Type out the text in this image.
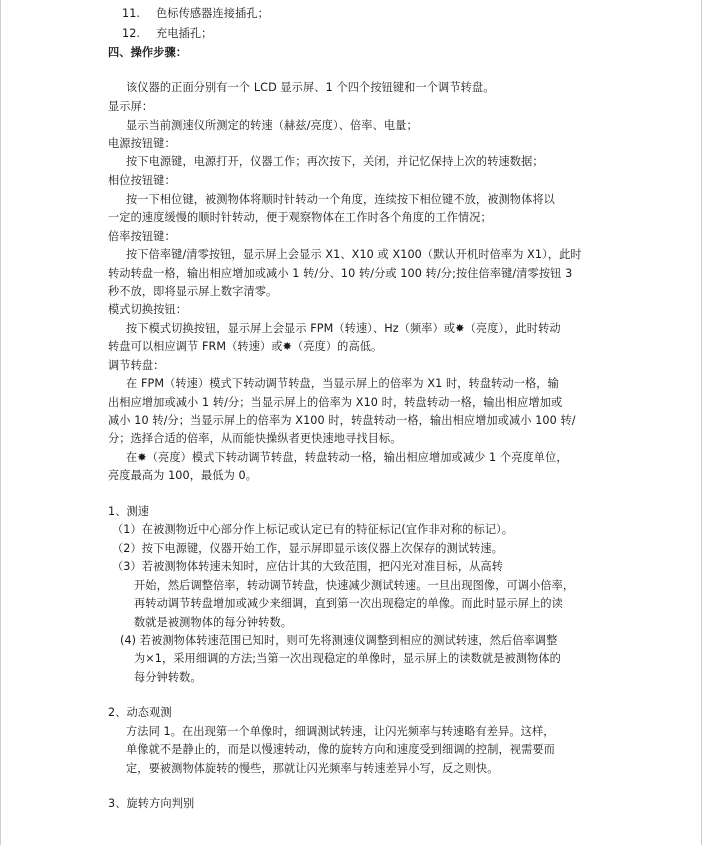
11. 色标传感器连接插孔；
12. 充电插孔；
四、操作步骤：
该仪器的正面分别有一个 LCD 显示屏、1 个四个按钮键和一个调节转盘。
显示屏：
显示当前测速仪所测定的转速（赫兹/亮度）、倍率、电量；
电源按钮键：
按下电源键，电源打开，仪器工作；再次按下，关闭，并记忆保持上次的转速数据；
相位按钮键：
按一下相位键，被测物体将顺时针转动一个角度，连续按下相位键不放，被测物体将以
一定的速度缓慢的顺时针转动，便于观察物体在工作时各个角度的工作情况；
倍率按钮键：
按下倍率键/清零按钮，显示屏上会显示 X1、X10 或 X100（默认开机时倍率为 X1），此时
转动转盘一格，输出相应增加或减小 1 转/分、10 转/分或 100 转/分;按住倍率键/清零按钮 3
秒不放，即将显示屏上数字清零。
模式切换按钮：
按下模式切换按钮，显示屏上会显示 FPM（转速）、Hz（频率）或✸（亮度），此时转动
转盘可以相应调节 FRM（转速）或✸（亮度）的高低。
调节转盘：
在 FPM（转速）模式下转动调节转盘，当显示屏上的倍率为 X1 时，转盘转动一格，输
出相应增加或减小 1 转/分；当显示屏上的倍率为 X10 时，转盘转动一格，输出相应增加或
减小 10 转/分；当显示屏上的倍率为 X100 时，转盘转动一格，输出相应增加或减小 100 转/
分；选择合适的倍率，从而能快操纵者更快速地寻找目标。
在✸（亮度）模式下转动调节转盘，转盘转动一格，输出相应增加或减少 1 个亮度单位，
亮度最高为 100，最低为 0。
1、测速
（1）在被测物近中心部分作上标记或认定已有的特征标记(宜作非对称的标记）。
（2）按下电源键，仪器开始工作，显示屏即显示该仪器上次保存的测试转速。
（3）若被测物体转速未知时，应估计其的大致范围，把闪光对准目标，从高转
开始，然后调整倍率，转动调节转盘，快速减少测试转速。一旦出现图像，可调小倍率，
再转动调节转盘增加或减少来细调，直到第一次出现稳定的单像。而此时显示屏上的读
数就是被测物体的每分钟转数。
(4) 若被测物体转速范围已知时，则可先将测速仪调整到相应的测试转速，然后倍率调整
为×1，采用细调的方法;当第一次出现稳定的单像时，显示屏上的读数就是被测物体的
每分钟转数。
2、动态观测
方法同 1。在出现第一个单像时，细调测试转速，让闪光频率与转速略有差异。这样，
单像就不是静止的，而是以慢速转动，像的旋转方向和速度受到细调的控制，视需要而
定，要被测物体旋转的慢些，那就让闪光频率与转速差异小写，反之则快。
3、旋转方向判别
